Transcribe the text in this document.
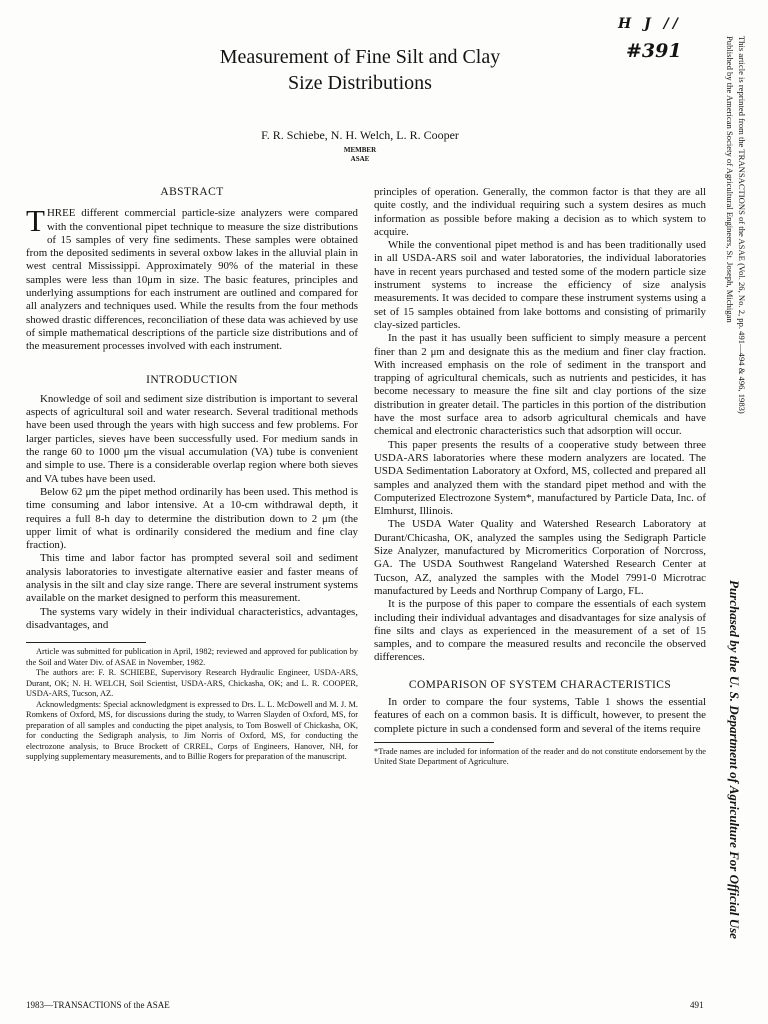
H J //
#391
Measurement of Fine Silt and Clay
Size Distributions
F. R. Schiebe, N. H. Welch, L. R. Cooper
MEMBER
ASAE	This article is reprinted from the TRANSACTIONS of the ASAE (Vol. 26, No. 2, pp. 491—494 & 496, 1983)
Published by the American Society of Agricultural Engineers, St. Joseph, Michigan
Purchased by the U. S. Department of Agriculture For Official Use
ABSTRACT

THREE different commercial particle-size analyzers were compared with the conventional pipet technique to measure the size distributions of 15 samples of very fine sediments. These samples were obtained from the deposited sediments in several oxbow lakes in the alluvial plain in west central Mississippi. Approximately 90% of the material in these samples were less than 10μm in size. The basic features, principles and underlying assumptions for each instrument are outlined and compared for all analyzers and techniques used. While the results from the four methods showed drastic differences, reconciliation of these data was achieved by use of simple mathematical descriptions of the particle size distributions and of the measurement processes involved with each instrument.

INTRODUCTION

Knowledge of soil and sediment size distribution is important to several aspects of agricultural soil and water research. Several traditional methods have been used through the years with high success and few problems. For larger particles, sieves have been successfully used. For medium sands in the range 60 to 1000 μm the visual accumulation (VA) tube is convenient and simple to use. There is a considerable overlap region where both sieves and VA tubes have been used.

Below 62 μm the pipet method ordinarily has been used. This method is time consuming and labor intensive. At a 10-cm withdrawal depth, it requires a full 8-h day to determine the distribution down to 2 μm (the upper limit of what is ordinarily considered the medium and fine clay fraction).

This time and labor factor has prompted several soil and sediment analysis laboratories to investigate alternative easier and faster means of analysis in the silt and clay size range. There are several instrument systems available on the market designed to perform this measurement.

The systems vary widely in their individual characteristics, advantages, disadvantages, and

Article was submitted for publication in April, 1982; reviewed and approved for publication by the Soil and Water Div. of ASAE in November, 1982.

The authors are: F. R. SCHIEBE, Supervisory Research Hydraulic Engineer, USDA-ARS, Durant, OK; N. H. WELCH, Soil Scientist, USDA-ARS, Chickasha, OK; and L. R. COOPER, USDA-ARS, Tucson, AZ.

Acknowledgments: Special acknowledgment is expressed to Drs. L. L. McDowell and M. J. M. Romkens of Oxford, MS, for discussions during the study, to Warren Slayden of Oxford, MS, for preparation of all samples and conducting the pipet analysis, to Tom Boswell of Chickasha, OK, for conducting the Sedigraph analysis, to Jim Norris of Oxford, MS, for conducting the electrozone analysis, to Bruce Brockett of CRREL, Corps of Engineers, Hanover, NH, for supplying supplementary measurements, and to Billie Rogers for preparation of the manuscript.

principles of operation. Generally, the common factor is that they are all quite costly, and the individual requiring such a system desires as much information as possible before making a decision as to which system to acquire.

While the conventional pipet method is and has been traditionally used in all USDA-ARS soil and water laboratories, the individual laboratories have in recent years purchased and tested some of the modern particle size instrument systems to increase the efficiency of size analysis measurements. It was decided to compare these instrument systems using a set of 15 samples obtained from lake bottoms and consisting of primarily clay-sized particles.

In the past it has usually been sufficient to simply measure a percent finer than 2 μm and designate this as the medium and finer clay fraction. With increased emphasis on the role of sediment in the transport and trapping of agricultural chemicals, such as nutrients and pesticides, it has become necessary to measure the fine silt and clay portions of the size distribution in greater detail. The particles in this portion of the distribution have the most surface area to adsorb agricultural chemicals and have chemical and electronic characteristics such that adsorption will occur.

This paper presents the results of a cooperative study between three USDA-ARS laboratories where these modern analyzers are located. The USDA Sedimentation Laboratory at Oxford, MS, collected and prepared all samples and analyzed them with the standard pipet method and with the Computerized Electrozone System*, manufactured by Particle Data, Inc. of Elmhurst, Illinois.

The USDA Water Quality and Watershed Research Laboratory at Durant/Chicasha, OK, analyzed the samples using the Sedigraph Particle Size Analyzer, manufactured by Micromeritics Corporation of Norcross, GA. The USDA Southwest Rangeland Watershed Research Center at Tucson, AZ, analyzed the samples with the Model 7991-0 Microtrac manufactured by Leeds and Northrup Company of Largo, FL.

It is the purpose of this paper to compare the essentials of each system including their individual advantages and disadvantages for size analysis of fine silts and clays as experienced in the measurement of a set of 15 samples, and to compare the measured results and reconcile the observed differences.

COMPARISON OF SYSTEM CHARACTERISTICS

In order to compare the four systems, Table 1 shows the essential features of each on a common basis. It is difficult, however, to present the complete picture in such a condensed form and several of the items require

*Trade names are included for information of the reader and do not constitute endorsement by the United State Department of Agriculture.
1983—TRANSACTIONS of the ASAE	491
